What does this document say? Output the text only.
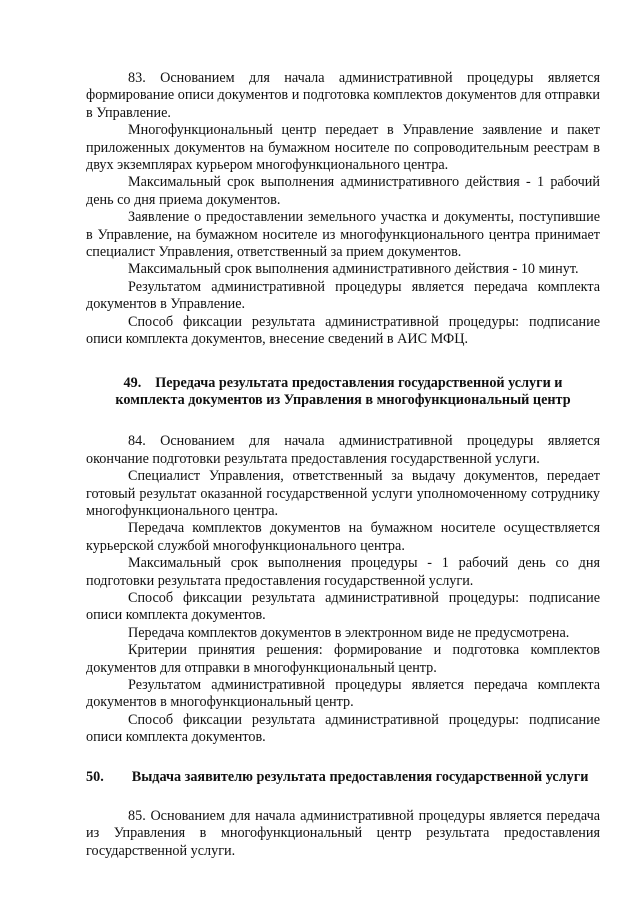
83. Основанием для начала административной процедуры является формирование описи документов и подготовка комплектов документов для отправки в Управление.

Многофункциональный центр передает в Управление заявление и пакет приложенных документов на бумажном носителе по сопроводительным реестрам в двух экземплярах курьером многофункционального центра.

Максимальный срок выполнения административного действия - 1 рабочий день со дня приема документов.

Заявление о предоставлении земельного участка и документы, поступившие в Управление, на бумажном носителе из многофункционального центра принимает специалист Управления, ответственный за прием документов.

Максимальный срок выполнения административного действия - 10 минут.

Результатом административной процедуры является передача комплекта документов в Управление.

Способ фиксации результата административной процедуры: подписание описи комплекта документов, внесение сведений в АИС МФЦ.

49. Передача результата предоставления государственной услуги и
комплекта документов из Управления в многофункциональный центр

84. Основанием для начала административной процедуры является окончание подготовки результата предоставления государственной услуги.

Специалист Управления, ответственный за выдачу документов, передает готовый результат оказанной государственной услуги уполномоченному сотруднику многофункционального центра.

Передача комплектов документов на бумажном носителе осуществляется курьерской службой многофункционального центра.

Максимальный срок выполнения процедуры - 1 рабочий день со дня подготовки результата предоставления государственной услуги.

Способ фиксации результата административной процедуры: подписание описи комплекта документов.

Передача комплектов документов в электронном виде не предусмотрена.

Критерии принятия решения: формирование и подготовка комплектов документов для отправки в многофункциональный центр.

Результатом административной процедуры является передача комплекта документов в многофункциональный центр.

Способ фиксации результата административной процедуры: подписание описи комплекта документов.

50. Выдача заявителю результата предоставления государственной услуги

85. Основанием для начала административной процедуры является передача из Управления в многофункциональный центр результата предоставления государственной услуги.
